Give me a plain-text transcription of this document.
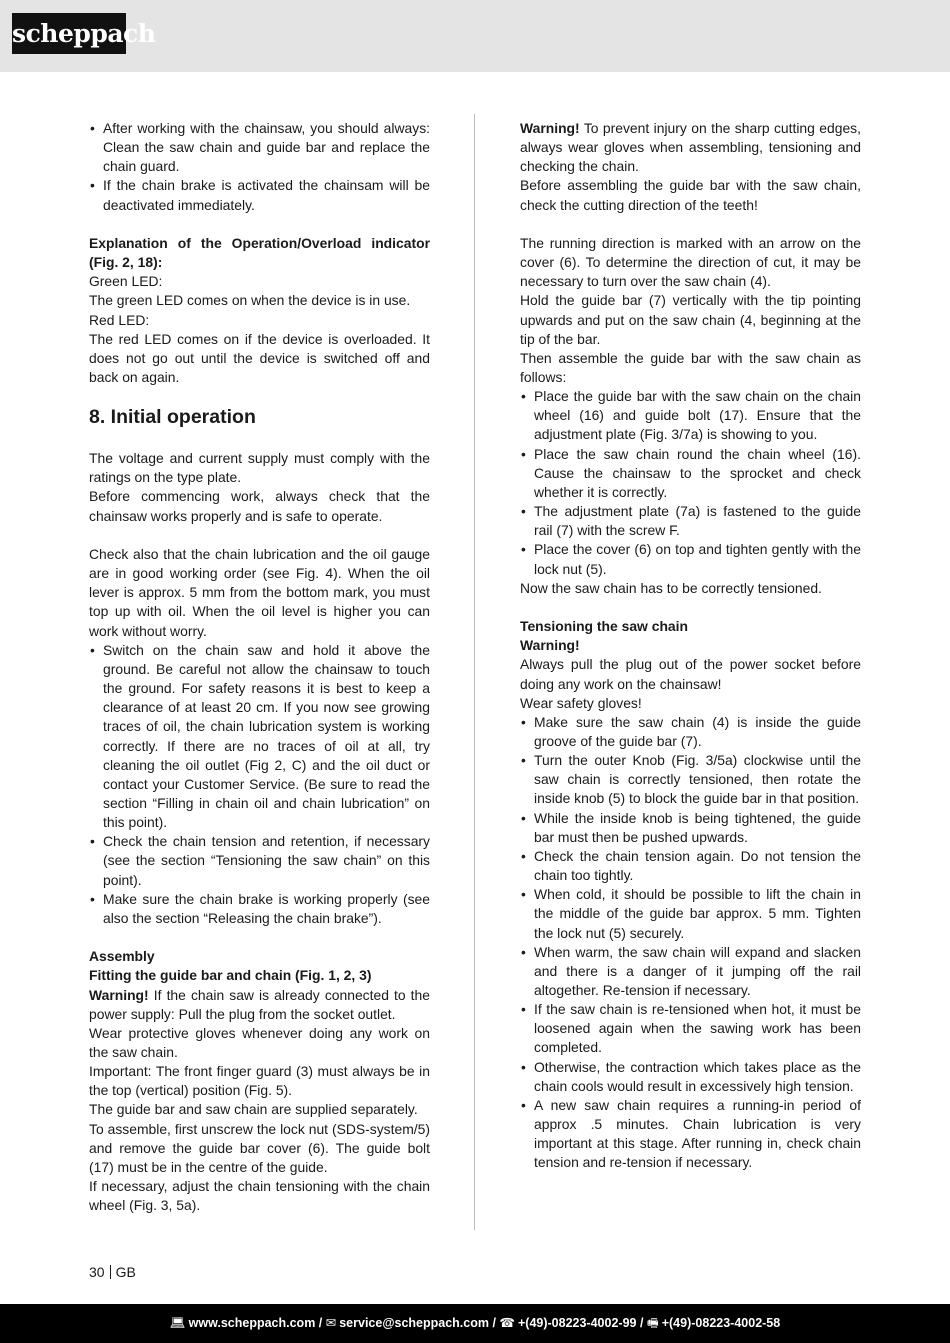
scheppach
• After working with the chainsaw, you should always: Clean the saw chain and guide bar and replace the chain guard.
• If the chain brake is activated the chainsam will be deactivated immediately.

Explanation of the Operation/Overload indicator (Fig. 2, 18):

Green LED:

The green LED comes on when the device is in use.

Red LED:

The red LED comes on if the device is overloaded. It does not go out until the device is switched off and back on again.

8. Initial operation

The voltage and current supply must comply with the ratings on the type plate.

Before commencing work, always check that the chainsaw works properly and is safe to operate.

Check also that the chain lubrication and the oil gauge are in good working order (see Fig. 4). When the oil lever is approx. 5 mm from the bottom mark, you must top up with oil. When the oil level is higher you can work without worry.

• Switch on the chain saw and hold it above the ground. Be careful not allow the chainsaw to touch the ground. For safety reasons it is best to keep a clearance of at least 20 cm. If you now see growing traces of oil, the chain lubrication system is working correctly. If there are no traces of oil at all, try cleaning the oil outlet (Fig 2, C) and the oil duct or contact your Customer Service. (Be sure to read the section “Filling in chain oil and chain lubrication” on this point).
• Check the chain tension and retention, if necessary (see the section “Tensioning the saw chain” on this point).
• Make sure the chain brake is working properly (see also the section “Releasing the chain brake”).

Assembly

Fitting the guide bar and chain (Fig. 1, 2, 3)

Warning! If the chain saw is already connected to the power supply: Pull the plug from the socket outlet.

Wear protective gloves whenever doing any work on the saw chain.

Important: The front finger guard (3) must always be in the top (vertical) position (Fig. 5).

The guide bar and saw chain are supplied separately.

To assemble, first unscrew the lock nut (SDS-system/5) and remove the guide bar cover (6). The guide bolt (17) must be in the centre of the guide.

If necessary, adjust the chain tensioning with the chain wheel (Fig. 3, 5a).

Warning! To prevent injury on the sharp cutting edges, always wear gloves when assembling, tensioning and checking the chain.

Before assembling the guide bar with the saw chain, check the cutting direction of the teeth!

The running direction is marked with an arrow on the cover (6). To determine the direction of cut, it may be necessary to turn over the saw chain (4).

Hold the guide bar (7) vertically with the tip pointing upwards and put on the saw chain (4, beginning at the tip of the bar.

Then assemble the guide bar with the saw chain as follows:

• Place the guide bar with the saw chain on the chain wheel (16) and guide bolt (17). Ensure that the adjustment plate (Fig. 3/7a) is showing to you.
• Place the saw chain round the chain wheel (16). Cause the chainsaw to the sprocket and check whether it is correctly.
• The adjustment plate (7a) is fastened to the guide rail (7) with the screw F.
• Place the cover (6) on top and tighten gently with the lock nut (5).

Now the saw chain has to be correctly tensioned.

Tensioning the saw chain

Warning!

Always pull the plug out of the power socket before doing any work on the chainsaw!

Wear safety gloves!

• Make sure the saw chain (4) is inside the guide groove of the guide bar (7).
• Turn the outer Knob (Fig. 3/5a) clockwise until the saw chain is correctly tensioned, then rotate the inside knob (5) to block the guide bar in that position.
• While the inside knob is being tightened, the guide bar must then be pushed upwards.
• Check the chain tension again. Do not tension the chain too tightly.
• When cold, it should be possible to lift the chain in the middle of the guide bar approx. 5 mm. Tighten the lock nut (5) securely.
• When warm, the saw chain will expand and slacken and there is a danger of it jumping off the rail altogether. Re-tension if necessary.
• If the saw chain is re-tensioned when hot, it must be loosened again when the sawing work has been completed.
• Otherwise, the contraction which takes place as the chain cools would result in excessively high tension.
• A new saw chain requires a running-in period of approx .5 minutes. Chain lubrication is very important at this stage. After running in, check chain tension and re-tension if necessary.
30 GB
💻︎ www.scheppach.com / ✉︎ service@scheppach.com / ☎︎ +(49)-08223-4002-99 / 🖷︎ +(49)-08223-4002-58
